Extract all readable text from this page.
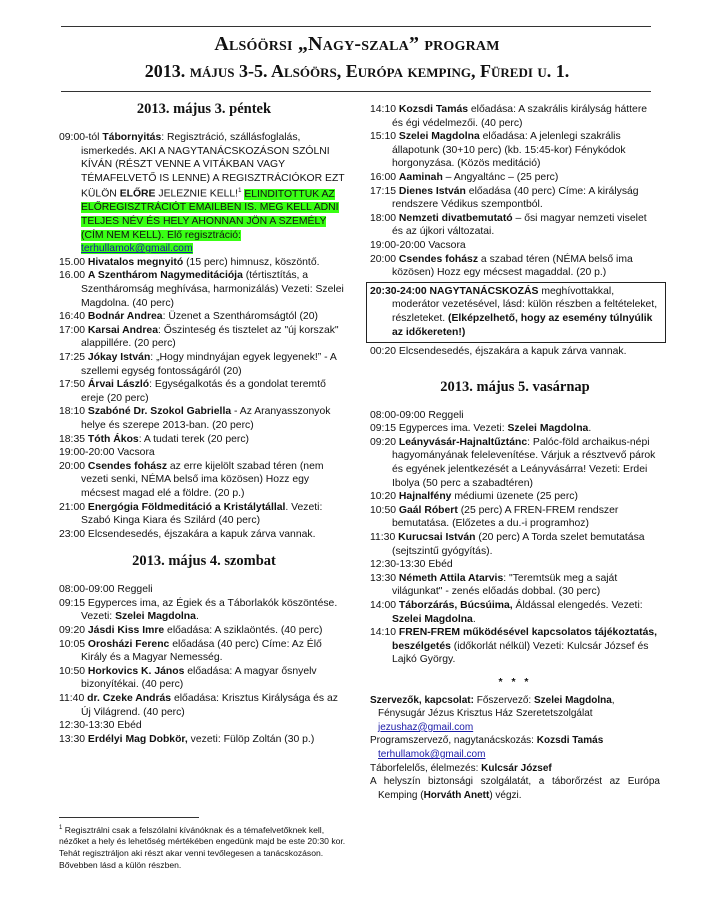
Alsóörsi „Nagy-szala” program
2013. május 3-5. Alsóörs, Európa kemping, Füredi u. 1.
2013. május 3. péntek
09:00-tól Tábornyitás: Regisztráció, szállásfoglalás, ismerkedés. AKI A NAGYTANÁCSKOZÁSON SZÓLNI KÍVÁN (RÉSZT VENNE A VITÁKBAN VAGY TÉMAFELVETŐ IS LENNE) A REGISZTRÁCIÓKOR EZT KÜLÖN ELŐRE JELEZNIE KELL!$^1$ ELINDITOTTUK AZ ELŐREGISZTRÁCIÓT EMAILBEN IS. MEG KELL ADNI TELJES NÉV ÉS HELY AHONNAN JÖN A SZEMÉLY (CÍM NEM KELL). Elő regisztráció: terhullamok@gmail.com
15.00 Hivatalos megnyitó (15 perc) himnusz, köszöntő.
16.00 A Szenthárom Nagymeditációja (tértisztítás, a Szentháromság meghívása, harmonizálás) Vezeti: Szelei Magdolna. (40 perc)
16:40 Bodnár Andrea: Üzenet a Szentháromságtól (20)
17:00 Karsai Andrea: Őszinteség és tisztelet az "új korszak" alappillére. (20 perc)
17:25 Jókay István: „Hogy mindnyájan egyek legyenek!” - A szellemi egység fontosságáról (20)
17:50 Árvai László: Egységalkotás és a gondolat teremtő ereje (20 perc)
18:10 Szabóné Dr. Szokol Gabriella - Az Aranyasszonyok helye és szerepe 2013-ban. (20 perc)
18:35 Tóth Ákos: A tudati terek (20 perc)
19:00-20:00 Vacsora
20:00 Csendes fohász az erre kijelölt szabad téren (nem vezeti senki, NÉMA belső ima közösen) Hozz egy mécsest magad elé a földre. (20 p.)
21:00 Energógia Földmeditáció a Kristálytállal. Vezeti: Szabó Kinga Kiara és Szilárd (40 perc)
23:00 Elcsendesedés, éjszakára a kapuk zárva vannak.
2013. május 4. szombat
08:00-09:00 Reggeli
09:15 Egyperces ima, az Égiek és a Táborlakók köszöntése. Vezeti: Szelei Magdolna.
09:20 Jásdi Kiss Imre előadása: A sziklaöntés. (40 perc)
10:05 Orosházi Ferenc előadása (40 perc) Címe: Az Élő Király és a Magyar Nemesség.
10:50 Horkovics K. János előadása: A magyar ősnyelv bizonyítékai. (40 perc)
11:40 dr. Czeke András előadása: Krisztus Királysága és az Új Világrend. (40 perc)
12:30-13:30 Ebéd
13:30 Erdélyi Mag Dobkör, vezeti: Fülöp Zoltán (30 p.)
$^1$ Regisztrálni csak a felszólalni kívánóknak és a témafelvetőknek kell, nézőket a hely és lehetőség mértékében engedünk majd be este 20:30 kor. Tehát regisztráljon aki részt akar venni tevőlegesen a tanácskozáson. Bővebben lásd a külön részben.
14:10 Kozsdi Tamás előadása: A szakrális királyság háttere és égi védelmezői. (40 perc)
15:10 Szelei Magdolna előadása: A jelenlegi szakrális állapotunk (30+10 perc) (kb. 15:45-kor) Fénykódok horgonyzása. (Közös meditáció)
16:00 Aaminah – Angyaltánc – (25 perc)
17:15 Dienes István előadása (40 perc) Címe: A királyság rendszere Védikus szempontból.
18:00 Nemzeti divatbemutató – ősi magyar nemzeti viselet és az újkori változatai.
19:00-20:00 Vacsora
20:00 Csendes fohász a szabad téren (NÉMA belső ima közösen) Hozz egy mécsest magaddal. (20 p.)
20:30-24:00 NAGYTANÁCSKOZÁS meghívottakkal, moderátor vezetésével, lásd: külön részben a feltételeket, részleteket. (Elképzelhető, hogy az esemény túlnyúlik az időkereten!)
00:20 Elcsendesedés, éjszakára a kapuk zárva vannak.
2013. május 5. vasárnap
08:00-09:00 Reggeli
09:15 Egyperces ima. Vezeti: Szelei Magdolna.
09:20 Leányvásár-Hajnaltűztánc: Palóc-föld archaikus-népi hagyományának felelevenítése. Várjuk a résztvevő párok és egyének jelentkezését a Leányvásárra! Vezeti: Erdei Ibolya (50 perc a szabadtéren)
10:20 Hajnalfény médiumi üzenete (25 perc)
10:50 Gaál Róbert (25 perc) A FREN-FREM rendszer bemutatása. (Előzetes a du.-i programhoz)
11:30 Kurucsai István (20 perc) A Torda szelet bemutatása (sejtszintű gyógyítás).
12:30-13:30 Ebéd
13:30 Németh Attila Atarvis: "Teremtsük meg a saját világunkat" - zenés előadás dobbal. (30 perc)
14:00 Táborzárás, Búcsúima, Áldással elengedés. Vezeti: Szelei Magdolna.
14:10 FREN-FREM működésével kapcsolatos tájékoztatás, beszélgetés (időkorlát nélkül) Vezeti: Kulcsár József és Lajkó György.
* * *
Szervezők, kapcsolat: Főszervező: Szelei Magdolna, Fénysugár Jézus Krisztus Ház Szeretetszolgálat
jezushaz@gmail.com
Programszervező, nagytanácskozás: Kozsdi Tamás
terhullamok@gmail.com
Táborfelelős, élelmezés: Kulcsár József
A helyszín biztonsági szolgálatát, a táborőrzést az Európa Kemping (Horváth Anett) végzi.
